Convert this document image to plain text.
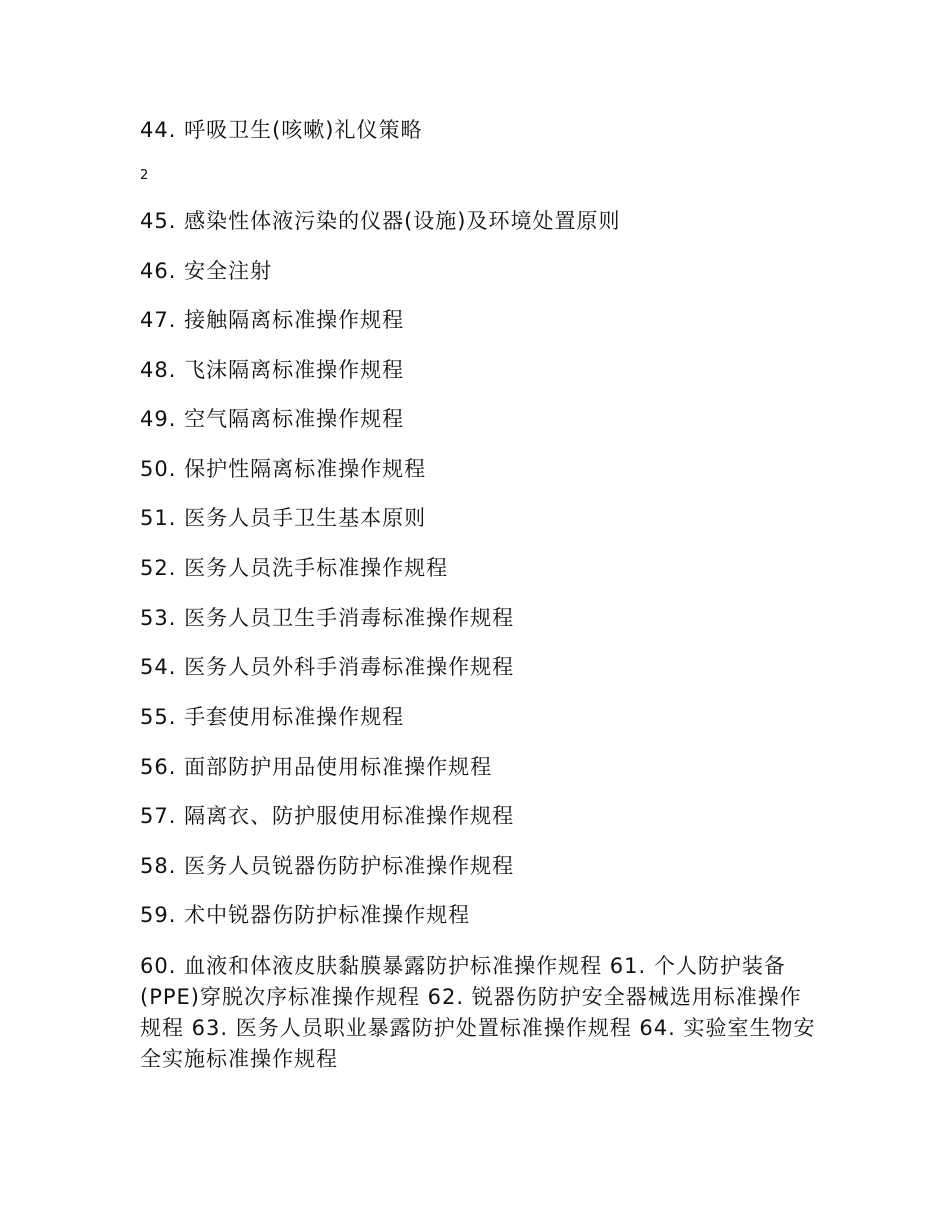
44. 呼吸卫生(咳嗽)礼仪策略
2
45. 感染性体液污染的仪器(设施)及环境处置原则
46. 安全注射
47. 接触隔离标准操作规程
48. 飞沫隔离标准操作规程
49. 空气隔离标准操作规程
50. 保护性隔离标准操作规程
51. 医务人员手卫生基本原则
52. 医务人员洗手标准操作规程
53. 医务人员卫生手消毒标准操作规程
54. 医务人员外科手消毒标准操作规程
55. 手套使用标准操作规程
56. 面部防护用品使用标准操作规程
57. 隔离衣、防护服使用标准操作规程
58. 医务人员锐器伤防护标准操作规程
59. 术中锐器伤防护标准操作规程
60. 血液和体液皮肤黏膜暴露防护标准操作规程 61. 个人防护装备(PPE)穿脱次序标准操作规程 62. 锐器伤防护安全器械选用标准操作规程 63. 医务人员职业暴露防护处置标准操作规程 64. 实验室生物安全实施标准操作规程
